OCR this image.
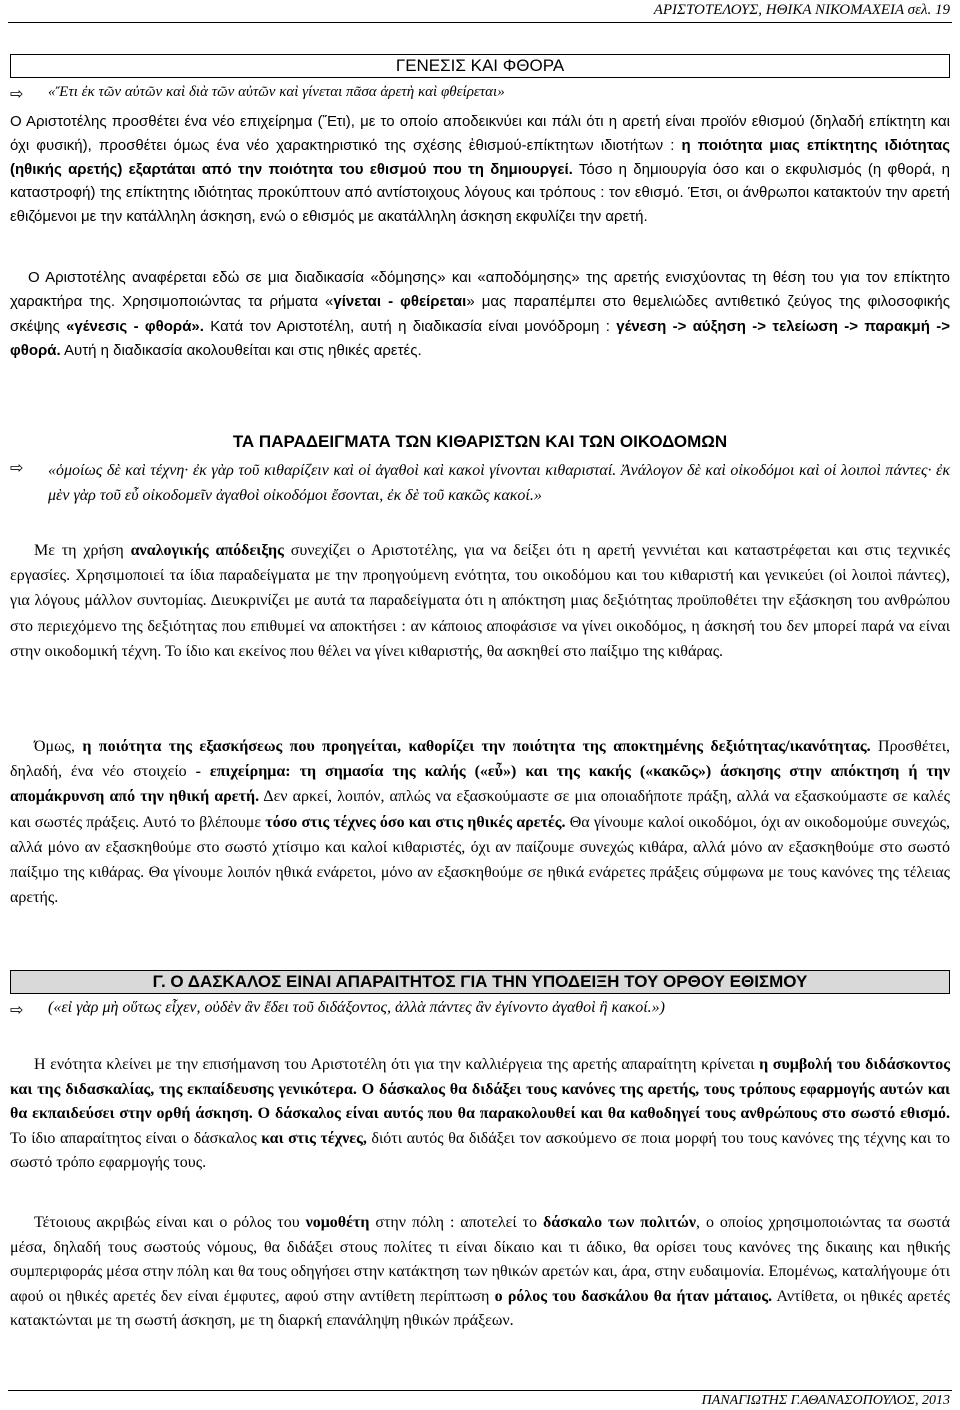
ΑΡΙΣΤΟΤΕΛΟΥΣ, ΗΘΙΚΑ ΝΙΚΟΜΑΧΕΙΑ σελ. 19
ΓΕΝΕΣΙΣ ΚΑΙ ΦΘΟΡΑ
⇨ «Ἔτι ἐκ τῶν αὐτῶν καὶ διὰ τῶν αὐτῶν καὶ γίνεται πᾶσα ἀρετὴ καὶ φθείρεται»
Ο Αριστοτέλης προσθέτει ένα νέο επιχείρημα (Ἔτι), με το οποίο αποδεικνύει και πάλι ότι η αρετή είναι προϊόν εθισμού (δηλαδή επίκτητη και όχι φυσική), προσθέτει όμως ένα νέο χαρακτηριστικό της σχέσης ἐθισμού-επίκτητων ιδιοτήτων : η ποιότητα μιας επίκτητης ιδιότητας (ηθικής αρετής) εξαρτάται από την ποιότητα του εθισμού που τη δημιουργεί. Τόσο η δημιουργία όσο και ο εκφυλισμός (η φθορά, η καταστροφή) της επίκτητης ιδιότητας προκύπτουν από αντίστοιχους λόγους και τρόπους : τον εθισμό. Έτσι, οι άνθρωποι κατακτούν την αρετή εθιζόμενοι με την κατάλληλη άσκηση, ενώ ο εθισμός με ακατάλληλη άσκηση εκφυλίζει την αρετή.
Ο Αριστοτέλης αναφέρεται εδώ σε μια διαδικασία «δόμησης» και «αποδόμησης» της αρετής ενισχύοντας τη θέση του για τον επίκτητο χαρακτήρα της. Χρησιμοποιώντας τα ρήματα «γίνεται - φθείρεται» μας παραπέμπει στο θεμελιώδες αντιθετικό ζεύγος της φιλοσοφικής σκέψης «γένεσις - φθορά». Κατά τον Αριστοτέλη, αυτή η διαδικασία είναι μονόδρομη : γένεση -> αύξηση -> τελείωση -> παρακμή -> φθορά. Αυτή η διαδικασία ακολουθείται και στις ηθικές αρετές.
ΤΑ ΠΑΡΑΔΕΙΓΜΑΤΑ ΤΩΝ ΚΙΘΑΡΙΣΤΩΝ ΚΑΙ ΤΩΝ ΟΙΚΟΔΟΜΩΝ
⇨ «ὁμοίως δὲ καὶ τέχνη· ἐκ γὰρ τοῦ κιθαρίζειν καὶ οἱ ἀγαθοὶ καὶ κακοὶ γίνονται κιθαρισταί. Ἀνάλογον δὲ καὶ οἰκοδόμοι καὶ οἱ λοιποὶ πάντες· ἐκ μὲν γὰρ τοῦ εὖ οἰκοδομεῖν ἀγαθοὶ οἰκοδόμοι ἔσονται, ἐκ δὲ τοῦ κακῶς κακοί.»
Με τη χρήση αναλογικής απόδειξης συνεχίζει ο Αριστοτέλης, για να δείξει ότι η αρετή γεννιέται και καταστρέφεται και στις τεχνικές εργασίες. Χρησιμοποιεί τα ίδια παραδείγματα με την προηγούμενη ενότητα, του οικοδόμου και του κιθαριστή και γενικεύει (οἱ λοιποὶ πάντες), για λόγους μάλλον συντομίας. Διευκρινίζει με αυτά τα παραδείγματα ότι η απόκτηση μιας δεξιότητας προϋποθέτει την εξάσκηση του ανθρώπου στο περιεχόμενο της δεξιότητας που επιθυμεί να αποκτήσει : αν κάποιος αποφάσισε να γίνει οικοδόμος, η άσκησή του δεν μπορεί παρά να είναι στην οικοδομική τέχνη. Το ίδιο και εκείνος που θέλει να γίνει κιθαριστής, θα ασκηθεί στο παίξιμο της κιθάρας.
Όμως, η ποιότητα της εξασκήσεως που προηγείται, καθορίζει την ποιότητα της αποκτημένης δεξιότητας/ικανότητας. Προσθέτει, δηλαδή, ένα νέο στοιχείο - επιχείρημα: τη σημασία της καλής («εὖ») και της κακής («κακῶς») άσκησης στην απόκτηση ή την απομάκρυνση από την ηθική αρετή. Δεν αρκεί, λοιπόν, απλώς να εξασκούμαστε σε μια οποιαδήποτε πράξη, αλλά να εξασκούμαστε σε καλές και σωστές πράξεις. Αυτό το βλέπουμε τόσο στις τέχνες όσο και στις ηθικές αρετές. Θα γίνουμε καλοί οικοδόμοι, όχι αν οικοδομούμε συνεχώς, αλλά μόνο αν εξασκηθούμε στο σωστό χτίσιμο και καλοί κιθαριστές, όχι αν παίζουμε συνεχώς κιθάρα, αλλά μόνο αν εξασκηθούμε στο σωστό παίξιμο της κιθάρας. Θα γίνουμε λοιπόν ηθικά ενάρετοι, μόνο αν εξασκηθούμε σε ηθικά ενάρετες πράξεις σύμφωνα με τους κανόνες της τέλειας αρετής.
Γ. Ο ΔΑΣΚΑΛΟΣ ΕΙΝΑΙ ΑΠΑΡΑΙΤΗΤΟΣ ΓΙΑ ΤΗΝ ΥΠΟΔΕΙΞΗ ΤΟΥ ΟΡΘΟΥ ΕΘΙΣΜΟΥ
⇨ («εἰ γὰρ μὴ οὕτως εἶχεν, οὐδὲν ἂν ἔδει τοῦ διδάξοντος, ἀλλὰ πάντες ἂν ἐγίνοντο ἀγαθοὶ ἢ κακοί.»)
Η ενότητα κλείνει με την επισήμανση του Αριστοτέλη ότι για την καλλιέργεια της αρετής απαραίτητη κρίνεται η συμβολή του διδάσκοντος και της διδασκαλίας, της εκπαίδευσης γενικότερα. Ο δάσκαλος θα διδάξει τους κανόνες της αρετής, τους τρόπους εφαρμογής αυτών και θα εκπαιδεύσει στην ορθή άσκηση. Ο δάσκαλος είναι αυτός που θα παρακολουθεί και θα καθοδηγεί τους ανθρώπους στο σωστό εθισμό. Το ίδιο απαραίτητος είναι ο δάσκαλος και στις τέχνες, διότι αυτός θα διδάξει τον ασκούμενο σε ποια μορφή του τους κανόνες της τέχνης και το σωστό τρόπο εφαρμογής τους.
Τέτοιους ακριβώς είναι και ο ρόλος του νομοθέτη στην πόλη : αποτελεί το δάσκαλο των πολιτών, ο οποίος χρησιμοποιώντας τα σωστά μέσα, δηλαδή τους σωστούς νόμους, θα διδάξει στους πολίτες τι είναι δίκαιο και τι άδικο, θα ορίσει τους κανόνες της δικαιης και ηθικής συμπεριφοράς μέσα στην πόλη και θα τους οδηγήσει στην κατάκτηση των ηθικών αρετών και, άρα, στην ευδαιμονία. Επομένως, καταλήγουμε ότι αφού οι ηθικές αρετές δεν είναι έμφυτες, αφού στην αντίθετη περίπτωση ο ρόλος του δασκάλου θα ήταν μάταιος. Αντίθετα, οι ηθικές αρετές κατακτώνται με τη σωστή άσκηση, με τη διαρκή επανάληψη ηθικών πράξεων.
ΠΑΝΑΓΙΩΤΗΣ Γ.ΑΘΑΝΑΣΟΠΟΥΛΟΣ, 2013
